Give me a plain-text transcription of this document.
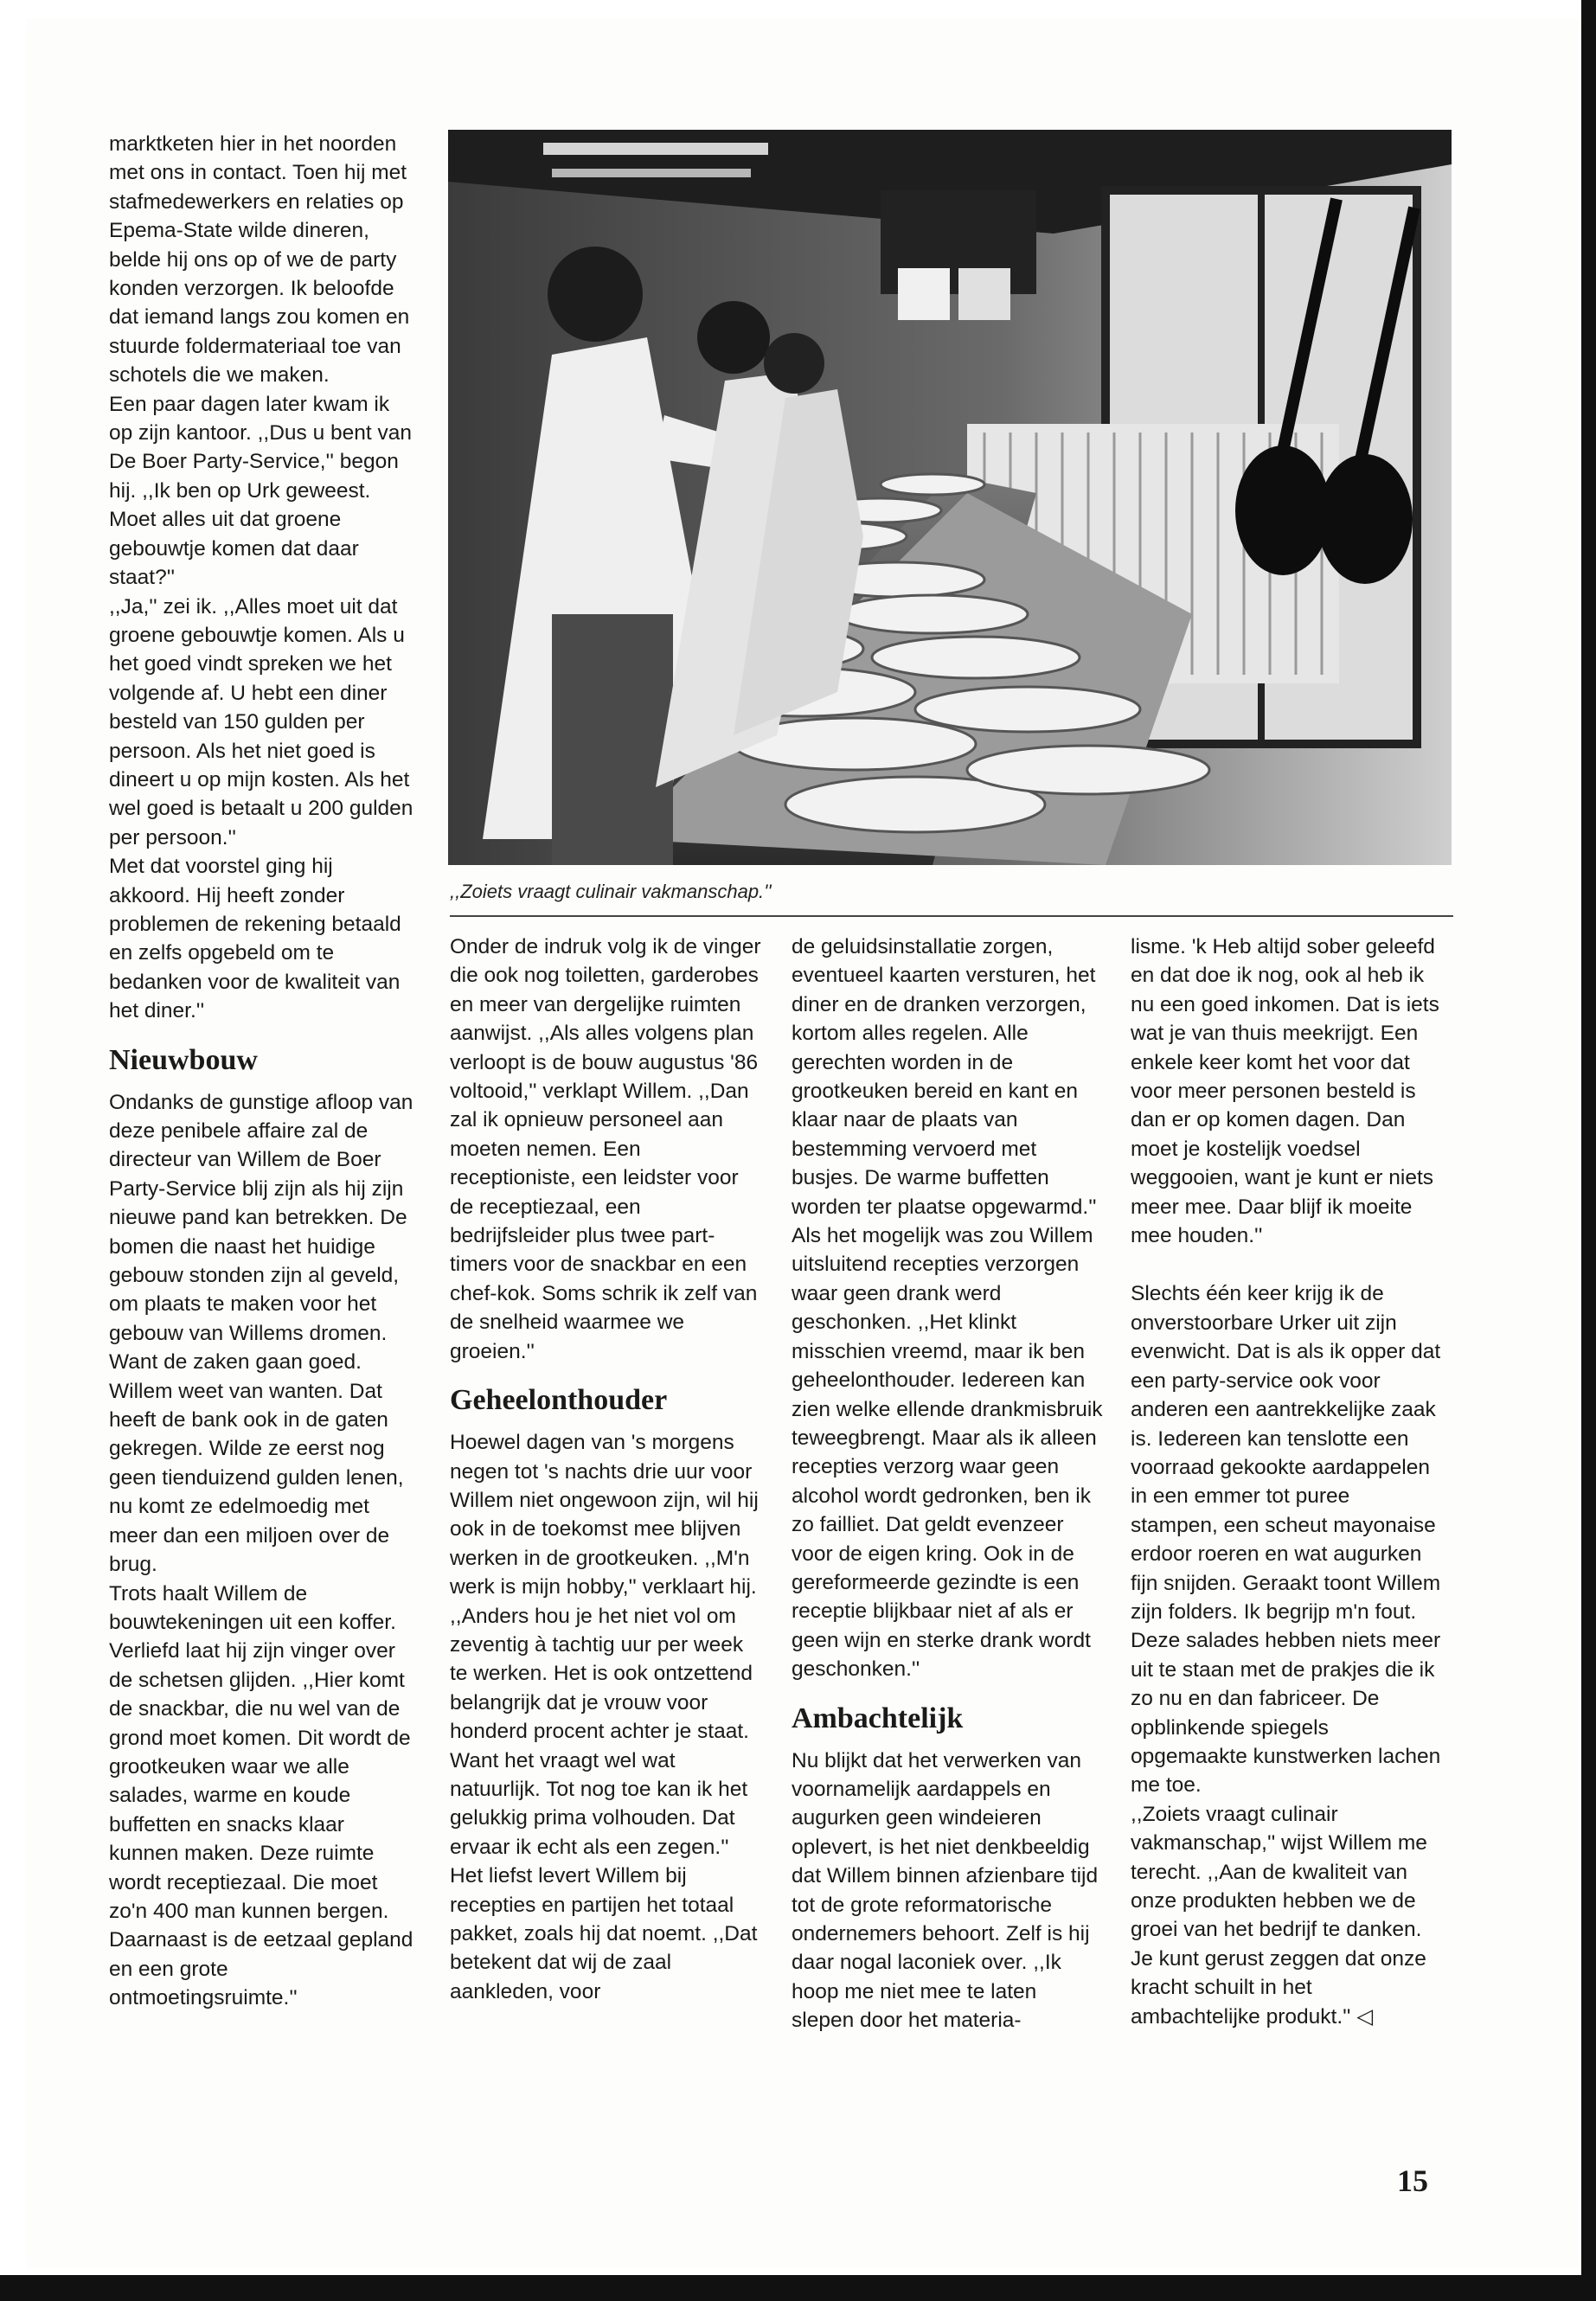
marktketen hier in het noorden met ons in contact. Toen hij met stafmedewerkers en relaties op Epema-State wilde dineren, belde hij ons op of we de party konden verzorgen. Ik beloofde dat iemand langs zou komen en stuurde foldermateriaal toe van schotels die we maken.

Een paar dagen later kwam ik op zijn kantoor. ,,Dus u bent van De Boer Party-Service,'' begon hij. ,,Ik ben op Urk geweest. Moet alles uit dat groene gebouwtje komen dat daar staat?''

,,Ja,'' zei ik. ,,Alles moet uit dat groene gebouwtje komen. Als u het goed vindt spreken we het volgende af. U hebt een diner besteld van 150 gulden per persoon. Als het niet goed is dineert u op mijn kosten. Als het wel goed is betaalt u 200 gulden per persoon.''

Met dat voorstel ging hij akkoord. Hij heeft zonder problemen de rekening betaald en zelfs opgebeld om te bedanken voor de kwaliteit van het diner.''

Nieuwbouw

Ondanks de gunstige afloop van deze penibele affaire zal de directeur van Willem de Boer Party-Service blij zijn als hij zijn nieuwe pand kan betrekken. De bomen die naast het huidige gebouw stonden zijn al geveld, om plaats te maken voor het gebouw van Willems dromen. Want de zaken gaan goed. Willem weet van wanten. Dat heeft de bank ook in de gaten gekregen. Wilde ze eerst nog geen tienduizend gulden lenen, nu komt ze edelmoedig met meer dan een miljoen over de brug.

Trots haalt Willem de bouwtekeningen uit een koffer. Verliefd laat hij zijn vinger over de schetsen glijden. ,,Hier komt de snackbar, die nu wel van de grond moet komen. Dit wordt de grootkeuken waar we alle salades, warme en koude buffetten en snacks klaar kunnen maken. Deze ruimte wordt receptiezaal. Die moet zo'n 400 man kunnen bergen. Daarnaast is de eetzaal gepland en een grote ontmoetingsruimte.''

,,Zoiets vraagt culinair vakmanschap.''

Onder de indruk volg ik de vinger die ook nog toiletten, garderobes en meer van dergelijke ruimten aanwijst. ,,Als alles volgens plan verloopt is de bouw augustus '86 voltooid,'' verklapt Willem. ,,Dan zal ik opnieuw personeel aan moeten nemen. Een receptioniste, een leidster voor de receptiezaal, een bedrijfsleider plus twee part-timers voor de snackbar en een chef-kok. Soms schrik ik zelf van de snelheid waarmee we groeien.''

Geheelonthouder

Hoewel dagen van 's morgens negen tot 's nachts drie uur voor Willem niet ongewoon zijn, wil hij ook in de toekomst mee blijven werken in de grootkeuken. ,,M'n werk is mijn hobby,'' verklaart hij. ,,Anders hou je het niet vol om zeventig à tachtig uur per week te werken. Het is ook ontzettend belangrijk dat je vrouw voor honderd procent achter je staat. Want het vraagt wel wat natuurlijk. Tot nog toe kan ik het gelukkig prima volhouden. Dat ervaar ik echt als een zegen.''

Het liefst levert Willem bij recepties en partijen het totaal pakket, zoals hij dat noemt. ,,Dat betekent dat wij de zaal aankleden, voor

de geluidsinstallatie zorgen, eventueel kaarten versturen, het diner en de dranken verzorgen, kortom alles regelen. Alle gerechten worden in de grootkeuken bereid en kant en klaar naar de plaats van bestemming vervoerd met busjes. De warme buffetten worden ter plaatse opgewarmd.''

Als het mogelijk was zou Willem uitsluitend recepties verzorgen waar geen drank werd geschonken. ,,Het klinkt misschien vreemd, maar ik ben geheelonthouder. Iedereen kan zien welke ellende drankmisbruik teweegbrengt. Maar als ik alleen recepties verzorg waar geen alcohol wordt gedronken, ben ik zo failliet. Dat geldt evenzeer voor de eigen kring. Ook in de gereformeerde gezindte is een receptie blijkbaar niet af als er geen wijn en sterke drank wordt geschonken.''

Ambachtelijk

Nu blijkt dat het verwerken van voornamelijk aardappels en augurken geen windeieren oplevert, is het niet denkbeeldig dat Willem binnen afzienbare tijd tot de grote reformatorische ondernemers behoort. Zelf is hij daar nogal laconiek over. ,,Ik hoop me niet mee te laten slepen door het materia-

lisme. 'k Heb altijd sober geleefd en dat doe ik nog, ook al heb ik nu een goed inkomen. Dat is iets wat je van thuis meekrijgt. Een enkele keer komt het voor dat voor meer personen besteld is dan er op komen dagen. Dan moet je kostelijk voedsel weggooien, want je kunt er niets meer mee. Daar blijf ik moeite mee houden.''

Slechts één keer krijg ik de onverstoorbare Urker uit zijn evenwicht. Dat is als ik opper dat een party-service ook voor anderen een aantrekkelijke zaak is. Iedereen kan tenslotte een voorraad gekookte aardappelen in een emmer tot puree stampen, een scheut mayonaise erdoor roeren en wat augurken fijn snijden. Geraakt toont Willem zijn folders. Ik begrijp m'n fout. Deze salades hebben niets meer uit te staan met de prakjes die ik zo nu en dan fabriceer. De opblinkende spiegels opgemaakte kunstwerken lachen me toe.

,,Zoiets vraagt culinair vakmanschap,'' wijst Willem me terecht. ,,Aan de kwaliteit van onze produkten hebben we de groei van het bedrijf te danken. Je kunt gerust zeggen dat onze kracht schuilt in het ambachtelijke produkt.'' ◁

15
